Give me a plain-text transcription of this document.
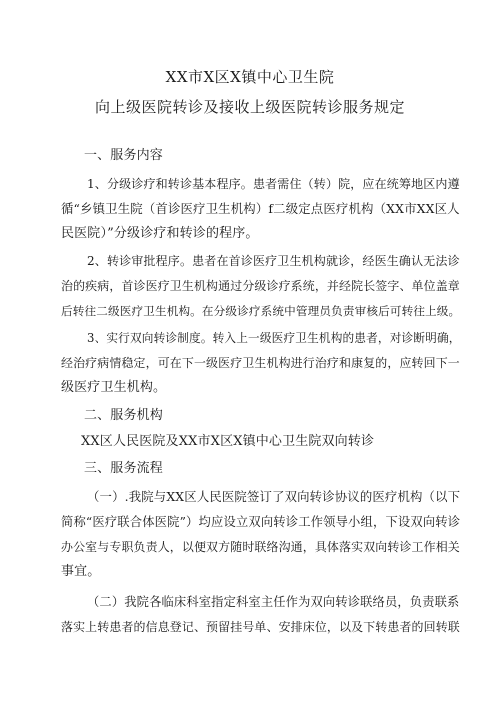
XX市X区X镇中心卫生院
向上级医院转诊及接收上级医院转诊服务规定
一、服务内容
1、分级诊疗和转诊基本程序。患者需住（转）院，应在统筹地区内遵
循“乡镇卫生院（首诊医疗卫生机构）f二级定点医疗机构（XX市XX区人
民医院）”分级诊疗和转诊的程序。
2、转诊审批程序。患者在首诊医疗卫生机构就诊，经医生确认无法诊
治的疾病，首诊医疗卫生机构通过分级诊疗系统，并经院长签字、单位盖章
后转往二级医疗卫生机构。在分级诊疗系统中管理员负责审核后可转往上级。
3、实行双向转诊制度。转入上一级医疗卫生机构的患者，对诊断明确，
经治疗病情稳定，可在下一级医疗卫生机构进行治疗和康复的，应转回下一
级医疗卫生机构。
二、服务机构
XX区人民医院及XX市X区X镇中心卫生院双向转诊
三、服务流程
（一）.我院与XX区人民医院签订了双向转诊协议的医疗机构（以下
简称“医疗联合体医院”）均应设立双向转诊工作领导小组，下设双向转诊
办公室与专职负责人，以便双方随时联络沟通，具体落实双向转诊工作相关
事宜。
（二）我院各临床科室指定科室主任作为双向转诊联络员，负责联系
落实上转患者的信息登记、预留挂号单、安排床位，以及下转患者的回转联
